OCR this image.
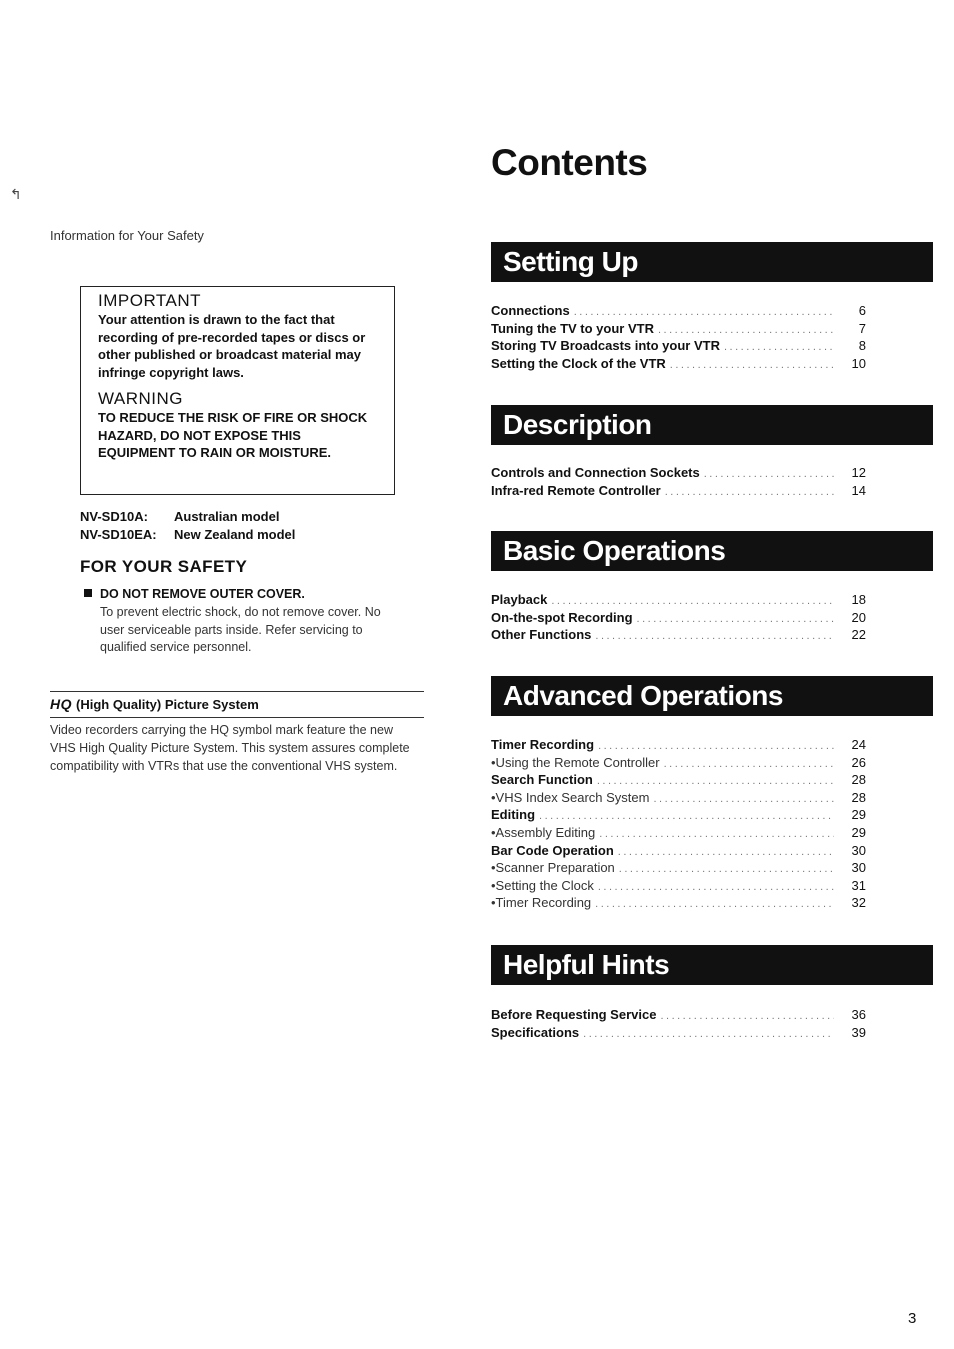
↰
Information for Your Safety
IMPORTANT

Your attention is drawn to the fact that recording of pre-recorded tapes or discs or other published or broadcast material may infringe copyright laws.

WARNING

TO REDUCE THE RISK OF FIRE OR SHOCK HAZARD, DO NOT EXPOSE THIS EQUIPMENT TO RAIN OR MOISTURE.

NV-SD10A: Australian model
NV-SD10EA: New Zealand model
FOR YOUR SAFETY
DO NOT REMOVE OUTER COVER.
To prevent electric shock, do not remove cover. No user serviceable parts inside. Refer servicing to qualified service personnel.
HQ (High Quality) Picture System
Video recorders carrying the HQ symbol mark feature the new VHS High Quality Picture System. This system assures complete compatibility with VTRs that use the conventional VHS system.
Contents
Setting Up
Connections .....	6
Tuning the TV to your VTR .....	7
Storing TV Broadcasts into your VTR .....	8
Setting the Clock of the VTR .....	10
Description
Controls and Connection Sockets .....	12
Infra-red Remote Controller .....	14
Basic Operations
Playback .....	18
On-the-spot Recording .....	20
Other Functions .....	22
Advanced Operations
Timer Recording .....	24
•Using the Remote Controller .....	26
Search Function .....	28
•VHS Index Search System .....	28
Editing .....	29
•Assembly Editing .....	29
Bar Code Operation .....	30
•Scanner Preparation .....	30
•Setting the Clock .....	31
•Timer Recording .....	32
Helpful Hints
Before Requesting Service .....	36
Specifications .....	39
3
